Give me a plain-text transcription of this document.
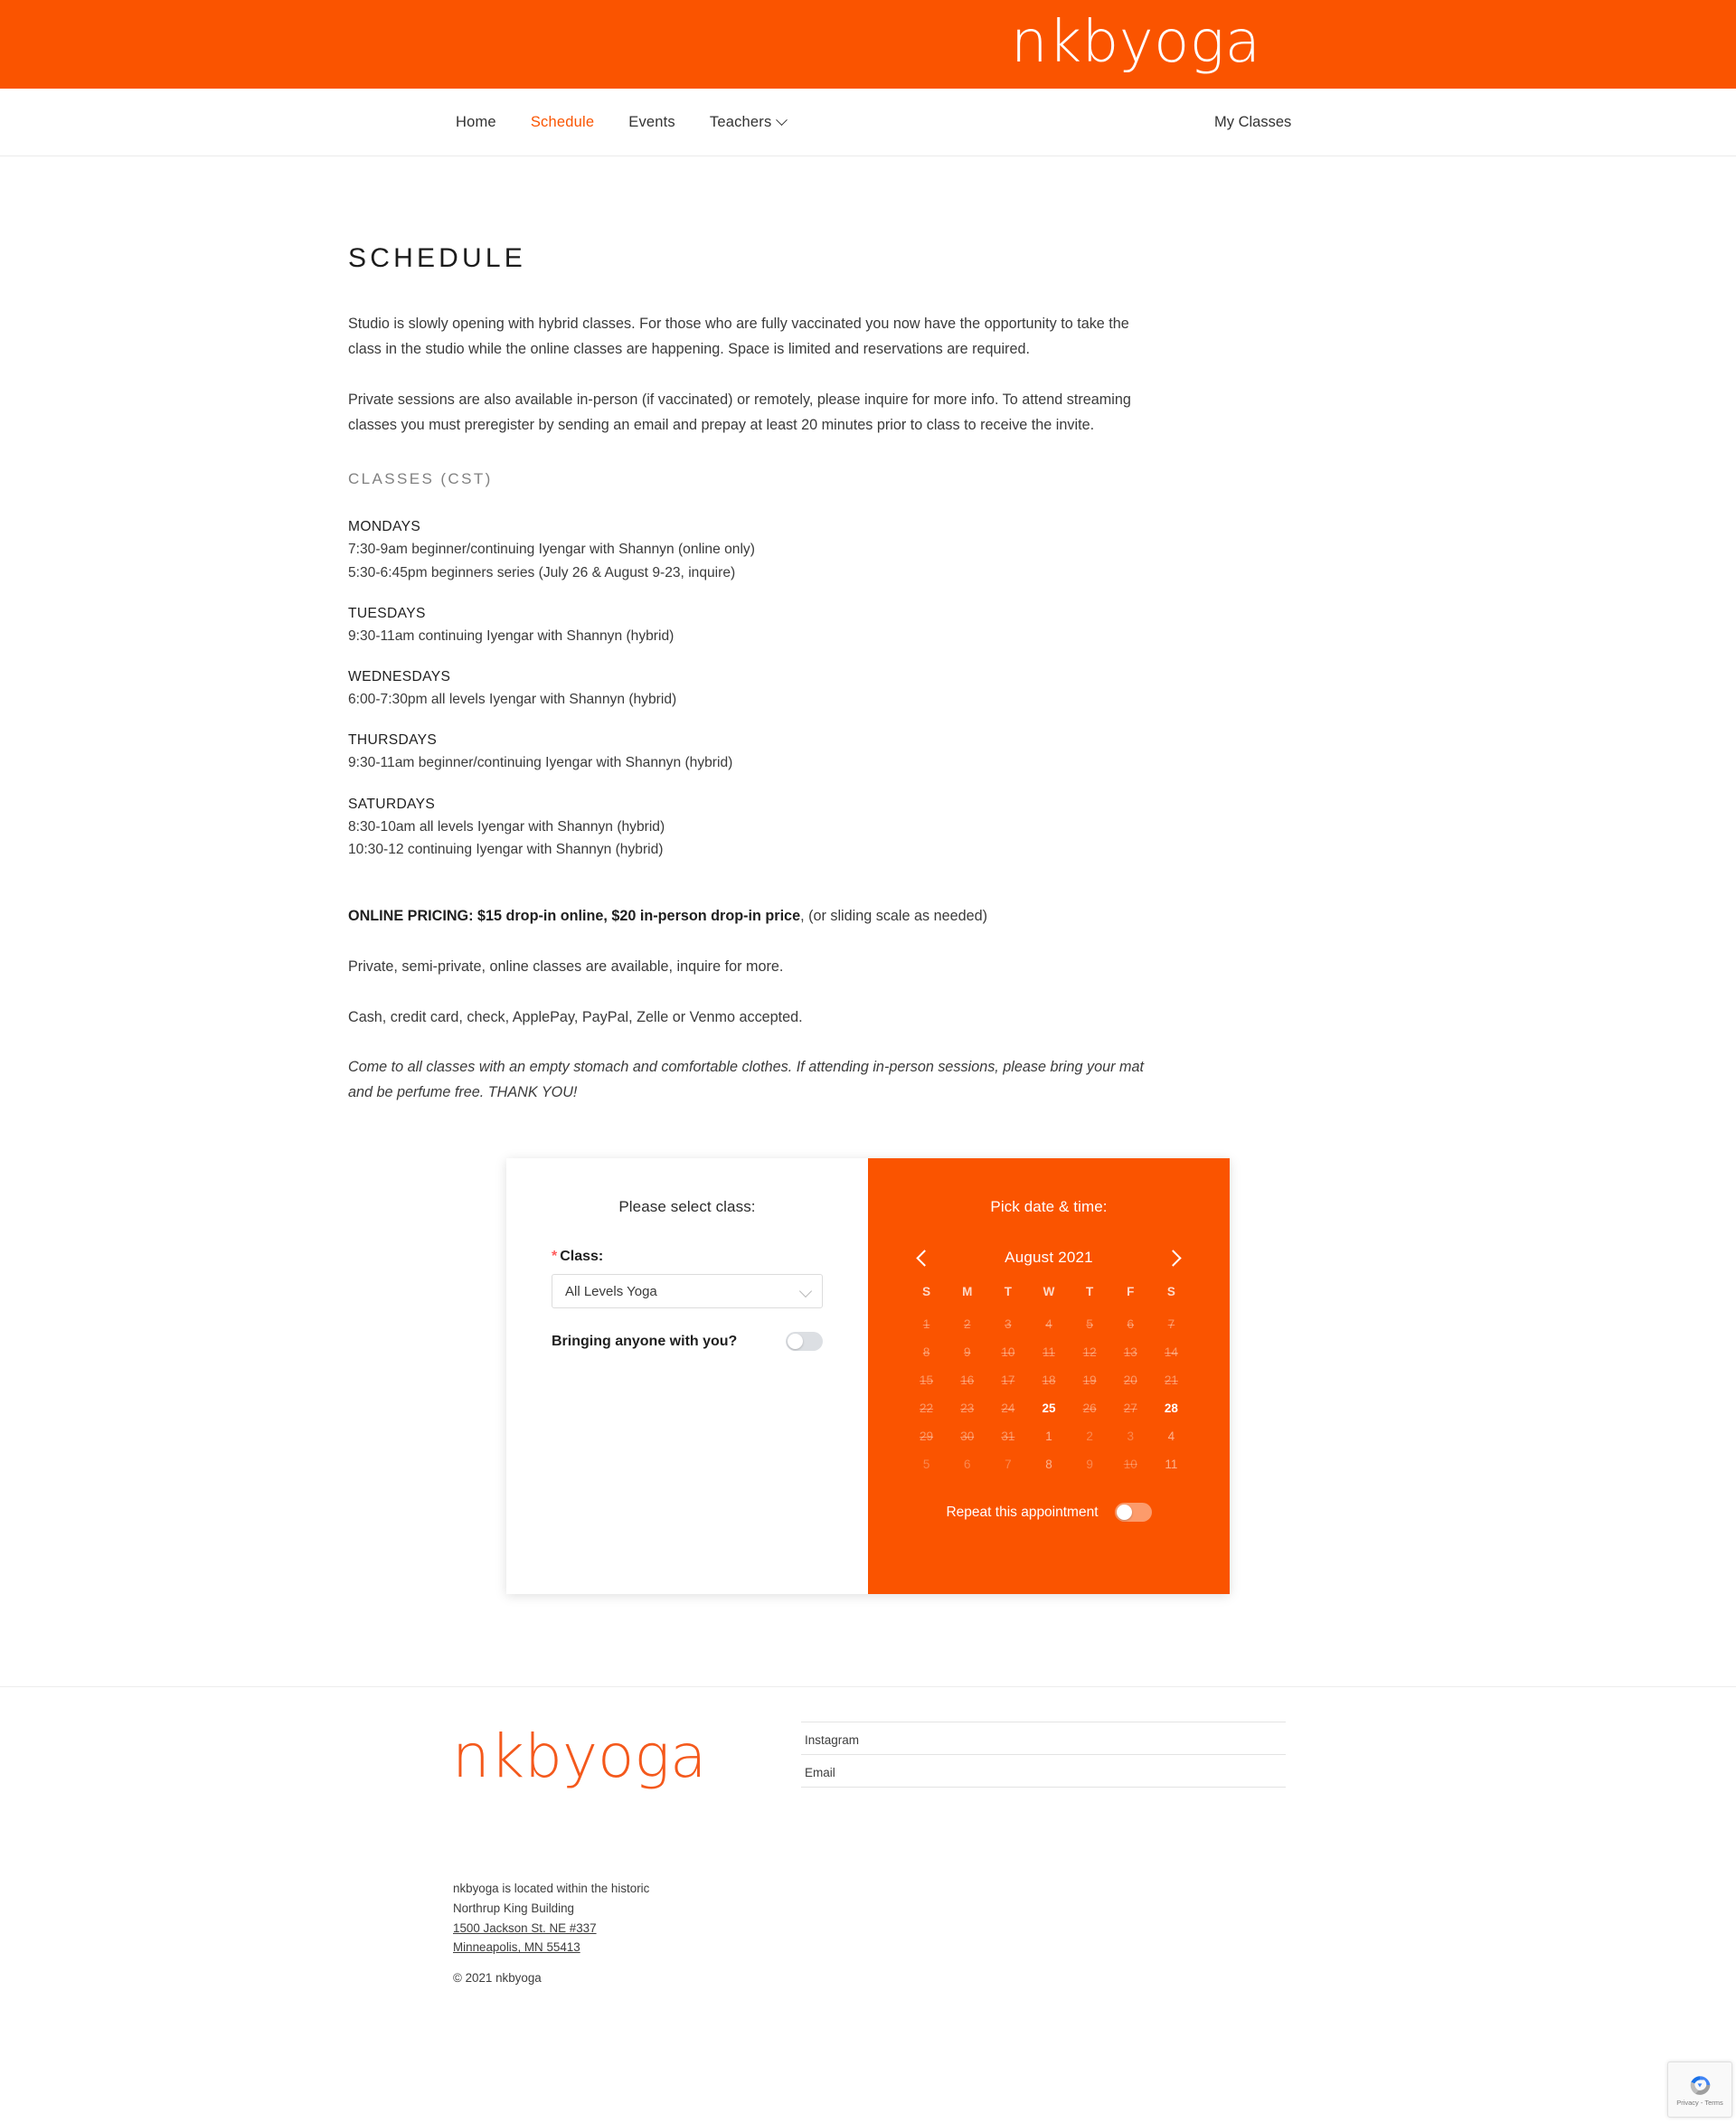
nkbyoga
Home Schedule Events Teachers	My Classes
SCHEDULE

Studio is slowly opening with hybrid classes. For those who are fully vaccinated you now have the opportunity to take the class in the studio while the online classes are happening. Space is limited and reservations are required.

Private sessions are also available in-person (if vaccinated) or remotely, please inquire for more info. To attend streaming classes you must preregister by sending an email and prepay at least 20 minutes prior to class to receive the invite.

CLASSES (CST)
MONDAYS
7:30-9am beginner/continuing Iyengar with Shannyn (online only)
5:30-6:45pm beginners series (July 26 & August 9-23, inquire)
TUESDAYS
9:30-11am continuing Iyengar with Shannyn (hybrid)
WEDNESDAYS
6:00-7:30pm all levels Iyengar with Shannyn (hybrid)
THURSDAYS
9:30-11am beginner/continuing Iyengar with Shannyn (hybrid)
SATURDAYS
8:30-10am all levels Iyengar with Shannyn (hybrid)
10:30-12 continuing Iyengar with Shannyn (hybrid)
ONLINE PRICING: $15 drop-in online, $20 in-person drop-in price, (or sliding scale as needed)

Private, semi-private, online classes are available, inquire for more.

Cash, credit card, check, ApplePay, PayPal, Zelle or Venmo accepted.

Come to all classes with an empty stomach and comfortable clothes. If attending in-person sessions, please bring your mat and be perfume free. THANK YOU!

Please select class:
* Class:
All Levels Yoga
Bringing anyone with you?
Pick date & time:
August 2021
S	M	T	W	T	F	S
1	2	3	4	5	6	7
8	9	10	11	12	13	14
15	16	17	18	19	20	21
22	23	24	25	26	27	28
29	30	31	1	2	3	4
5	6	7	8	9	10	11
Repeat this appointment
nkbyoga	Instagram
Email
nkbyoga is located within the historic
Northrup King Building
1500 Jackson St. NE #337
Minneapolis, MN 55413
© 2021 nkbyoga
Privacy - Terms
